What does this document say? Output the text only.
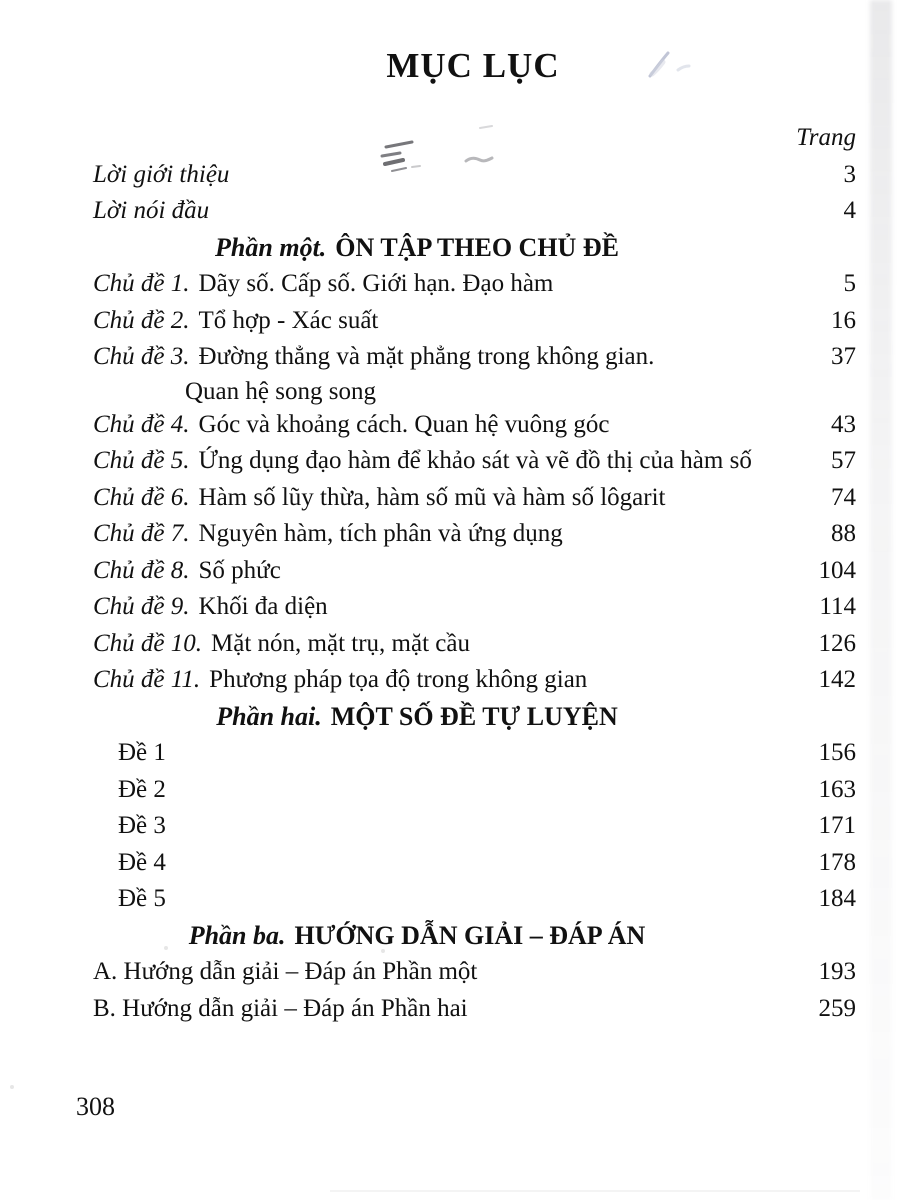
MỤC LỤC
Trang
Lời giới thiệu	3
Lời nói đầu	4
Phần một. ÔN TẬP THEO CHỦ ĐỀ
Chủ đề 1. Dãy số. Cấp số. Giới hạn. Đạo hàm	5
Chủ đề 2. Tổ hợp - Xác suất	16
Chủ đề 3. Đường thẳng và mặt phẳng trong không gian.	37
Quan hệ song song
Chủ đề 4. Góc và khoảng cách. Quan hệ vuông góc	43
Chủ đề 5. Ứng dụng đạo hàm để khảo sát và vẽ đồ thị của hàm số	57
Chủ đề 6. Hàm số lũy thừa, hàm số mũ và hàm số lôgarit	74
Chủ đề 7. Nguyên hàm, tích phân và ứng dụng	88
Chủ đề 8. Số phức	104
Chủ đề 9. Khối đa diện	114
Chủ đề 10. Mặt nón, mặt trụ, mặt cầu	126
Chủ đề 11. Phương pháp tọa độ trong không gian	142
Phần hai. MỘT SỐ ĐỀ TỰ LUYỆN
Đề 1	156
Đề 2	163
Đề 3	171
Đề 4	178
Đề 5	184
Phần ba. HƯỚNG DẪN GIẢI – ĐÁP ÁN
A. Hướng dẫn giải – Đáp án Phần một	193
B. Hướng dẫn giải – Đáp án Phần hai	259
308
